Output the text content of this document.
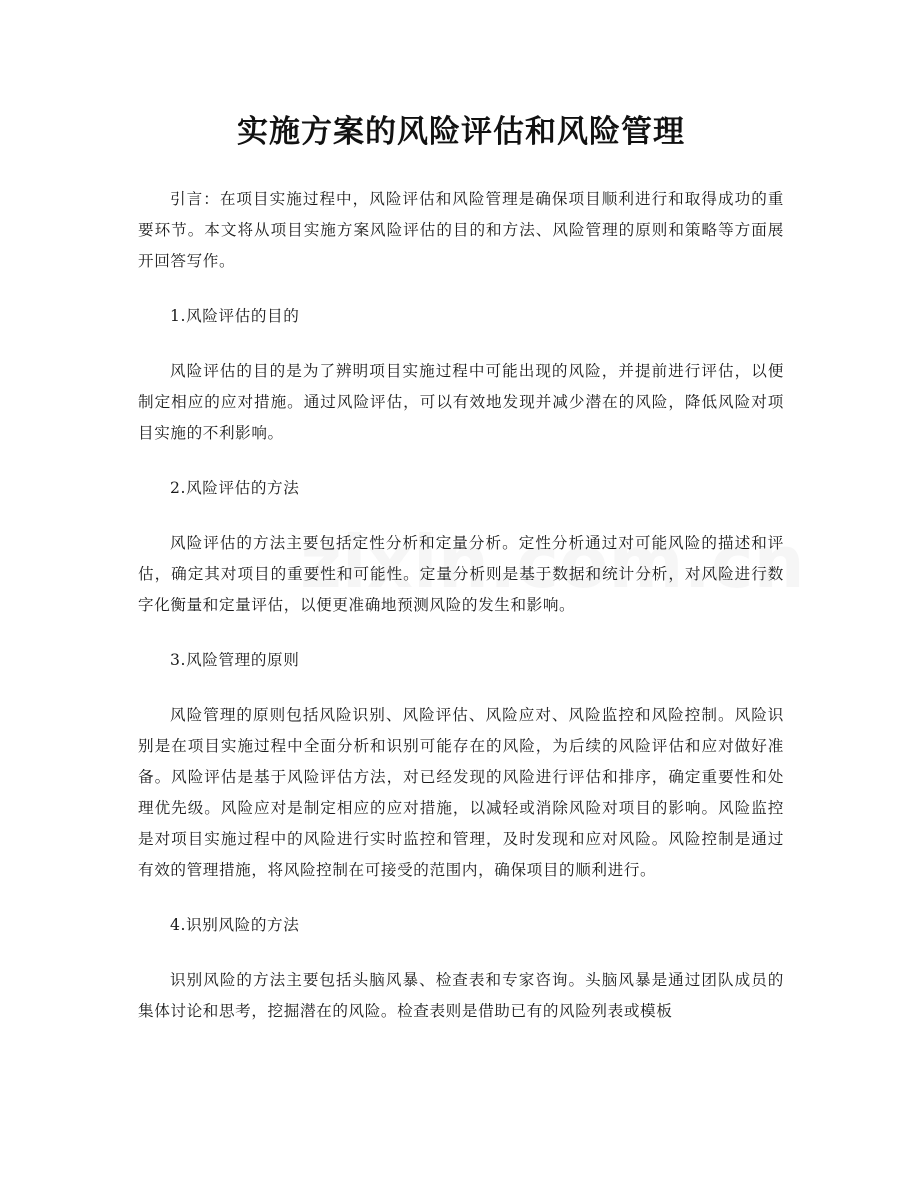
实施方案的风险评估和风险管理

引言：在项目实施过程中，风险评估和风险管理是确保项目顺利进行和取得成功的重要环节。本文将从项目实施方案风险评估的目的和方法、风险管理的原则和策略等方面展开回答写作。

1.风险评估的目的

风险评估的目的是为了辨明项目实施过程中可能出现的风险，并提前进行评估，以便制定相应的应对措施。通过风险评估，可以有效地发现并减少潜在的风险，降低风险对项目实施的不利影响。

2.风险评估的方法

风险评估的方法主要包括定性分析和定量分析。定性分析通过对可能风险的描述和评估，确定其对项目的重要性和可能性。定量分析则是基于数据和统计分析，对风险进行数字化衡量和定量评估，以便更准确地预测风险的发生和影响。

3.风险管理的原则

风险管理的原则包括风险识别、风险评估、风险应对、风险监控和风险控制。风险识别是在项目实施过程中全面分析和识别可能存在的风险，为后续的风险评估和应对做好准备。风险评估是基于风险评估方法，对已经发现的风险进行评估和排序，确定重要性和处理优先级。风险应对是制定相应的应对措施，以减轻或消除风险对项目的影响。风险监控是对项目实施过程中的风险进行实时监控和管理，及时发现和应对风险。风险控制是通过有效的管理措施，将风险控制在可接受的范围内，确保项目的顺利进行。

4.识别风险的方法

识别风险的方法主要包括头脑风暴、检查表和专家咨询。头脑风暴是通过团队成员的集体讨论和思考，挖掘潜在的风险。检查表则是借助已有的风险列表或模板
